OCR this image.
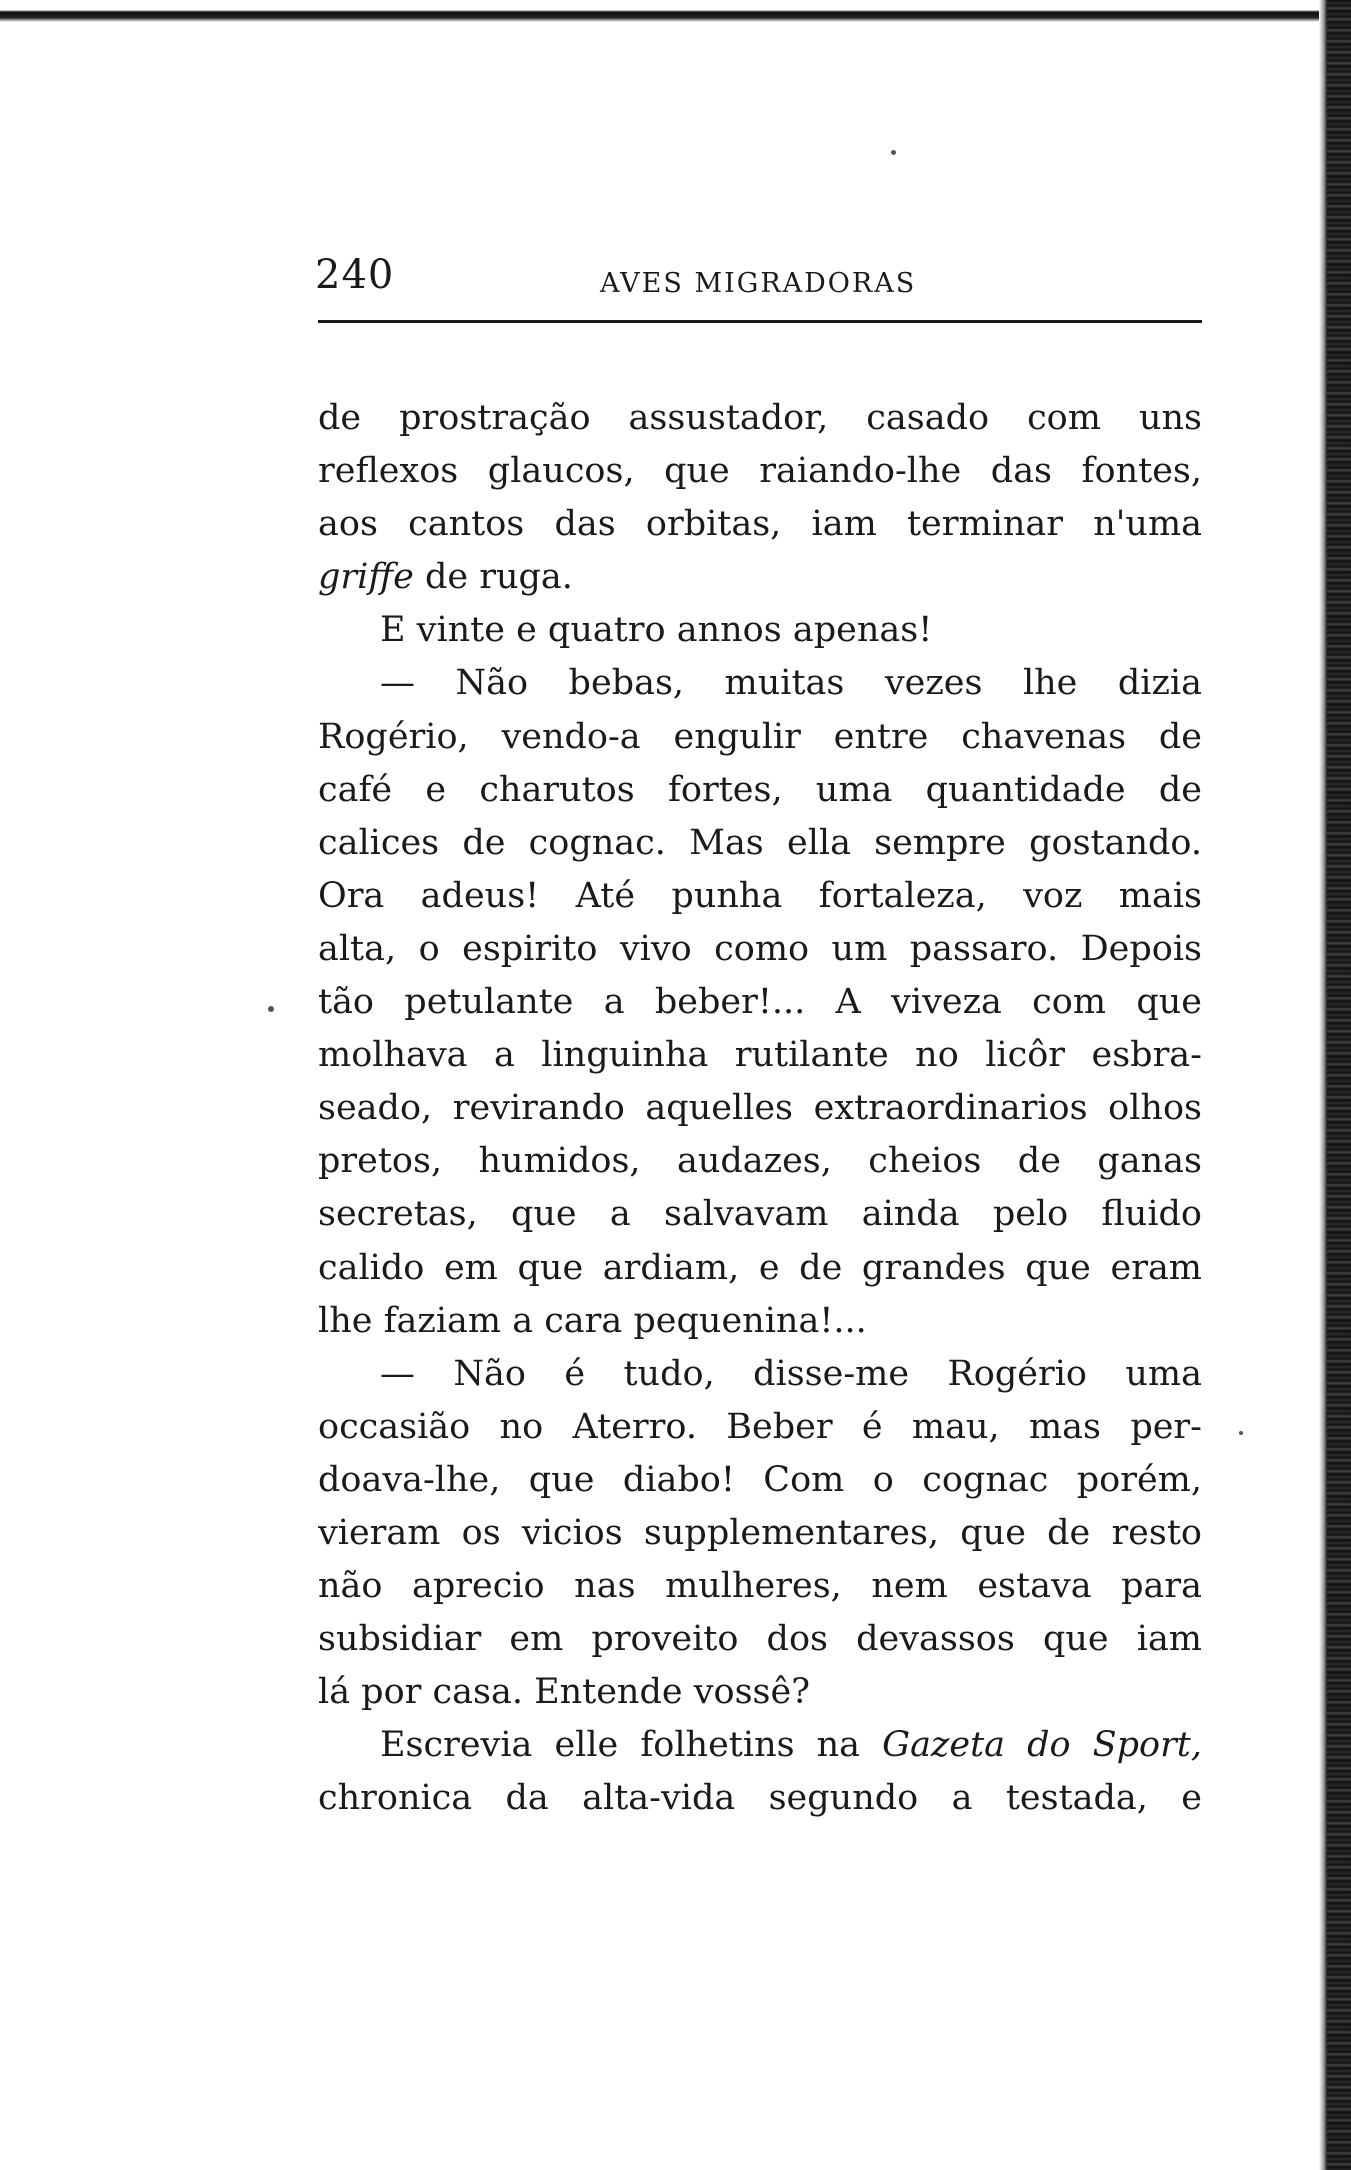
240	AVES MIGRADORAS
de prostração assustador, casado com uns
reflexos glaucos, que raiando-lhe das fontes,
aos cantos das orbitas, iam terminar n'uma
griffe de ruga.
E vinte e quatro annos apenas!
— Não bebas, muitas vezes lhe dizia
Rogério, vendo-a engulir entre chavenas de
café e charutos fortes, uma quantidade de
calices de cognac. Mas ella sempre gostando.
Ora adeus! Até punha fortaleza, voz mais
alta, o espirito vivo como um passaro. Depois
tão petulante a beber!... A viveza com que
molhava a linguinha rutilante no licôr esbra-
seado, revirando aquelles extraordinarios olhos
pretos, humidos, audazes, cheios de ganas
secretas, que a salvavam ainda pelo fluido
calido em que ardiam, e de grandes que eram
lhe faziam a cara pequenina!...
— Não é tudo, disse-me Rogério uma
occasião no Aterro. Beber é mau, mas per-
doava-lhe, que diabo! Com o cognac porém,
vieram os vicios supplementares, que de resto
não aprecio nas mulheres, nem estava para
subsidiar em proveito dos devassos que iam
lá por casa. Entende vossê?
Escrevia elle folhetins na Gazeta do Sport,
chronica da alta-vida segundo a testada, e
